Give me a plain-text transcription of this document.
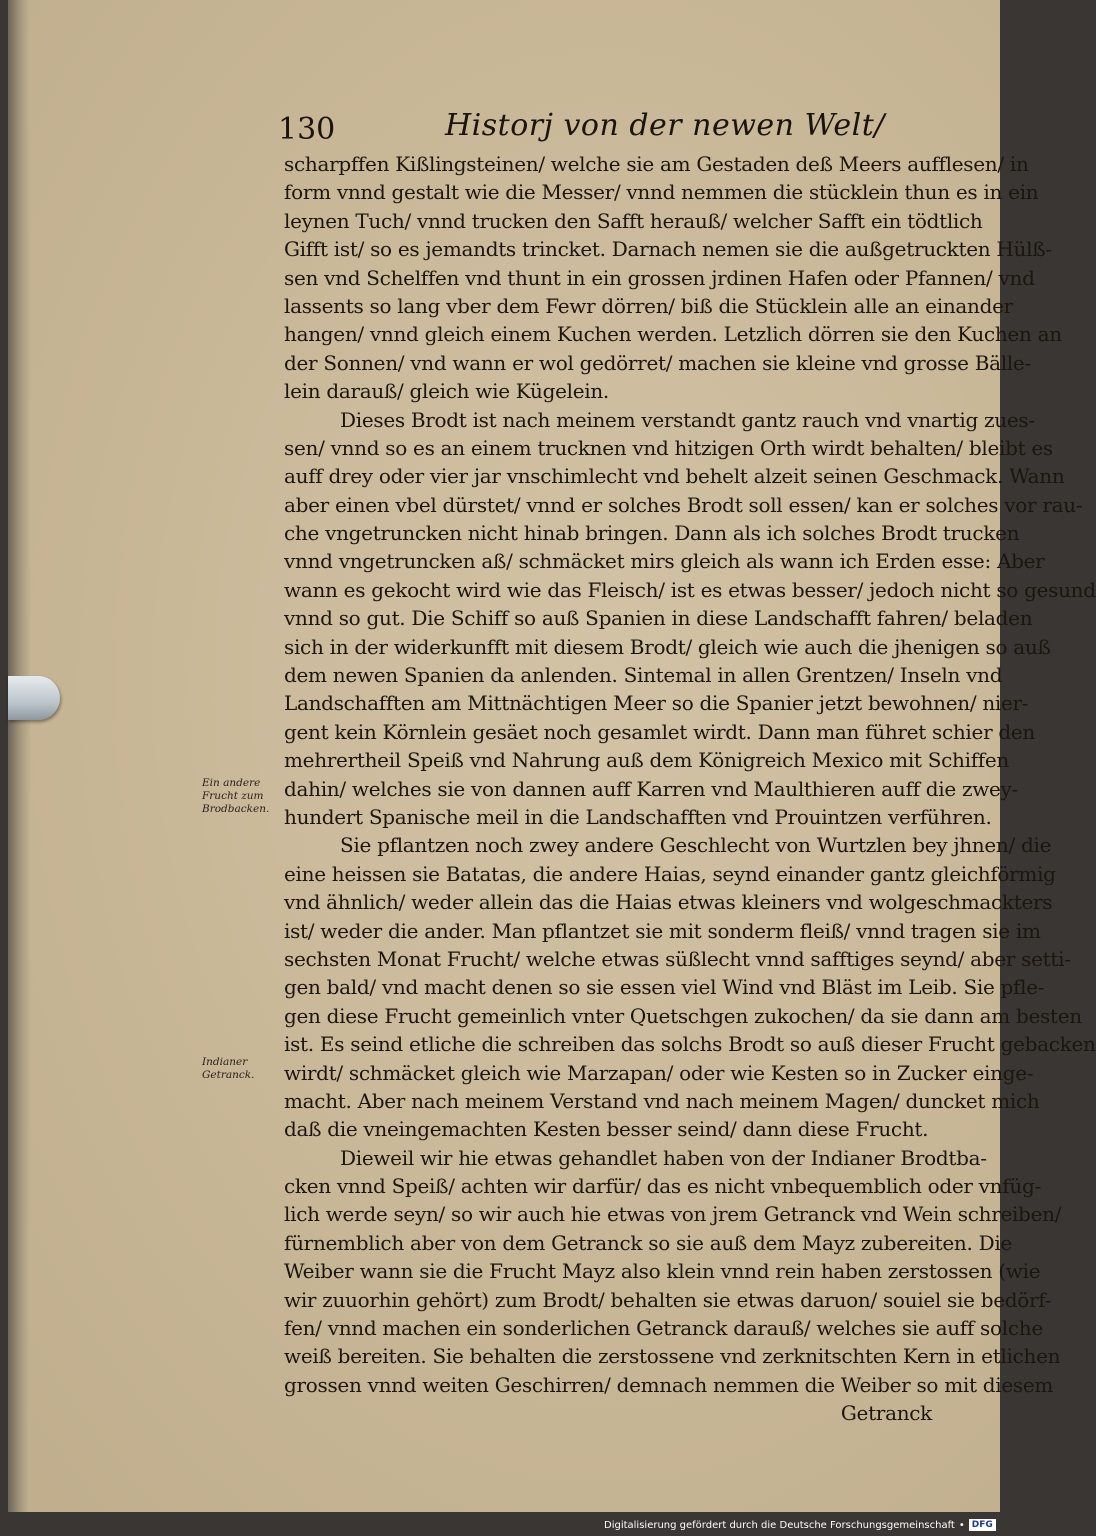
130	Historj von der newen Welt/
scharpffen Kißlingsteinen/ welche sie am Gestaden deß Meers aufflesen/ in
form vnnd gestalt wie die Messer/ vnnd nemmen die stücklein thun es in ein
leynen Tuch/ vnnd trucken den Safft herauß/ welcher Safft ein tödtlich
Gifft ist/ so es jemandts trincket. Darnach nemen sie die außgetruckten Hülß-
sen vnd Schelffen vnd thunt in ein grossen jrdinen Hafen oder Pfannen/ vnd
lassents so lang vber dem Fewr dörren/ biß die Stücklein alle an einander
hangen/ vnnd gleich einem Kuchen werden. Letzlich dörren sie den Kuchen an
der Sonnen/ vnd wann er wol gedörret/ machen sie kleine vnd grosse Bälle-
lein darauß/ gleich wie Kügelein.
Dieses Brodt ist nach meinem verstandt gantz rauch vnd vnartig zues-
sen/ vnnd so es an einem trucknen vnd hitzigen Orth wirdt behalten/ bleibt es
auff drey oder vier jar vnschimlecht vnd behelt alzeit seinen Geschmack. Wann
aber einen vbel dürstet/ vnnd er solches Brodt soll essen/ kan er solches vor rau-
che vngetruncken nicht hinab bringen. Dann als ich solches Brodt trucken
vnnd vngetruncken aß/ schmäcket mirs gleich als wann ich Erden esse: Aber
wann es gekocht wird wie das Fleisch/ ist es etwas besser/ jedoch nicht so gesund
vnnd so gut. Die Schiff so auß Spanien in diese Landschafft fahren/ beladen
sich in der widerkunfft mit diesem Brodt/ gleich wie auch die jhenigen so auß
dem newen Spanien da anlenden. Sintemal in allen Grentzen/ Inseln vnd
Landschafften am Mittnächtigen Meer so die Spanier jetzt bewohnen/ nier-
gent kein Körnlein gesäet noch gesamlet wirdt. Dann man führet schier den
mehrertheil Speiß vnd Nahrung auß dem Königreich Mexico mit Schiffen
dahin/ welches sie von dannen auff Karren vnd Maulthieren auff die zwey-
hundert Spanische meil in die Landschafften vnd Prouintzen verführen.
Sie pflantzen noch zwey andere Geschlecht von Wurtzlen bey jhnen/ die
eine heissen sie Batatas, die andere Haias, seynd einander gantz gleichförmig
vnd ähnlich/ weder allein das die Haias etwas kleiners vnd wolgeschmackters
ist/ weder die ander. Man pflantzet sie mit sonderm fleiß/ vnnd tragen sie im
sechsten Monat Frucht/ welche etwas süßlecht vnnd safftiges seynd/ aber setti-
gen bald/ vnd macht denen so sie essen viel Wind vnd Bläst im Leib. Sie pfle-
gen diese Frucht gemeinlich vnter Quetschgen zukochen/ da sie dann am besten
ist. Es seind etliche die schreiben das solchs Brodt so auß dieser Frucht gebacken
wirdt/ schmäcket gleich wie Marzapan/ oder wie Kesten so in Zucker einge-
macht. Aber nach meinem Verstand vnd nach meinem Magen/ duncket mich
daß die vneingemachten Kesten besser seind/ dann diese Frucht.
Dieweil wir hie etwas gehandlet haben von der Indianer Brodtba-
cken vnnd Speiß/ achten wir darfür/ das es nicht vnbequemblich oder vnfüg-
lich werde seyn/ so wir auch hie etwas von jrem Getranck vnd Wein schreiben/
fürnemblich aber von dem Getranck so sie auß dem Mayz zubereiten. Die
Weiber wann sie die Frucht Mayz also klein vnnd rein haben zerstossen (wie
wir zuuorhin gehört) zum Brodt/ behalten sie etwas daruon/ souiel sie bedörf-
fen/ vnnd machen ein sonderlichen Getranck darauß/ welches sie auff solche
weiß bereiten. Sie behalten die zerstossene vnd zerknitschten Kern in etlichen
grossen vnnd weiten Geschirren/ demnach nemmen die Weiber so mit diesem
Getranck
Ein andere Frucht zum Brodbacken.
Indianer Getranck.
Digitalisierung gefördert durch die Deutsche Forschungsgemeinschaft • DFG
